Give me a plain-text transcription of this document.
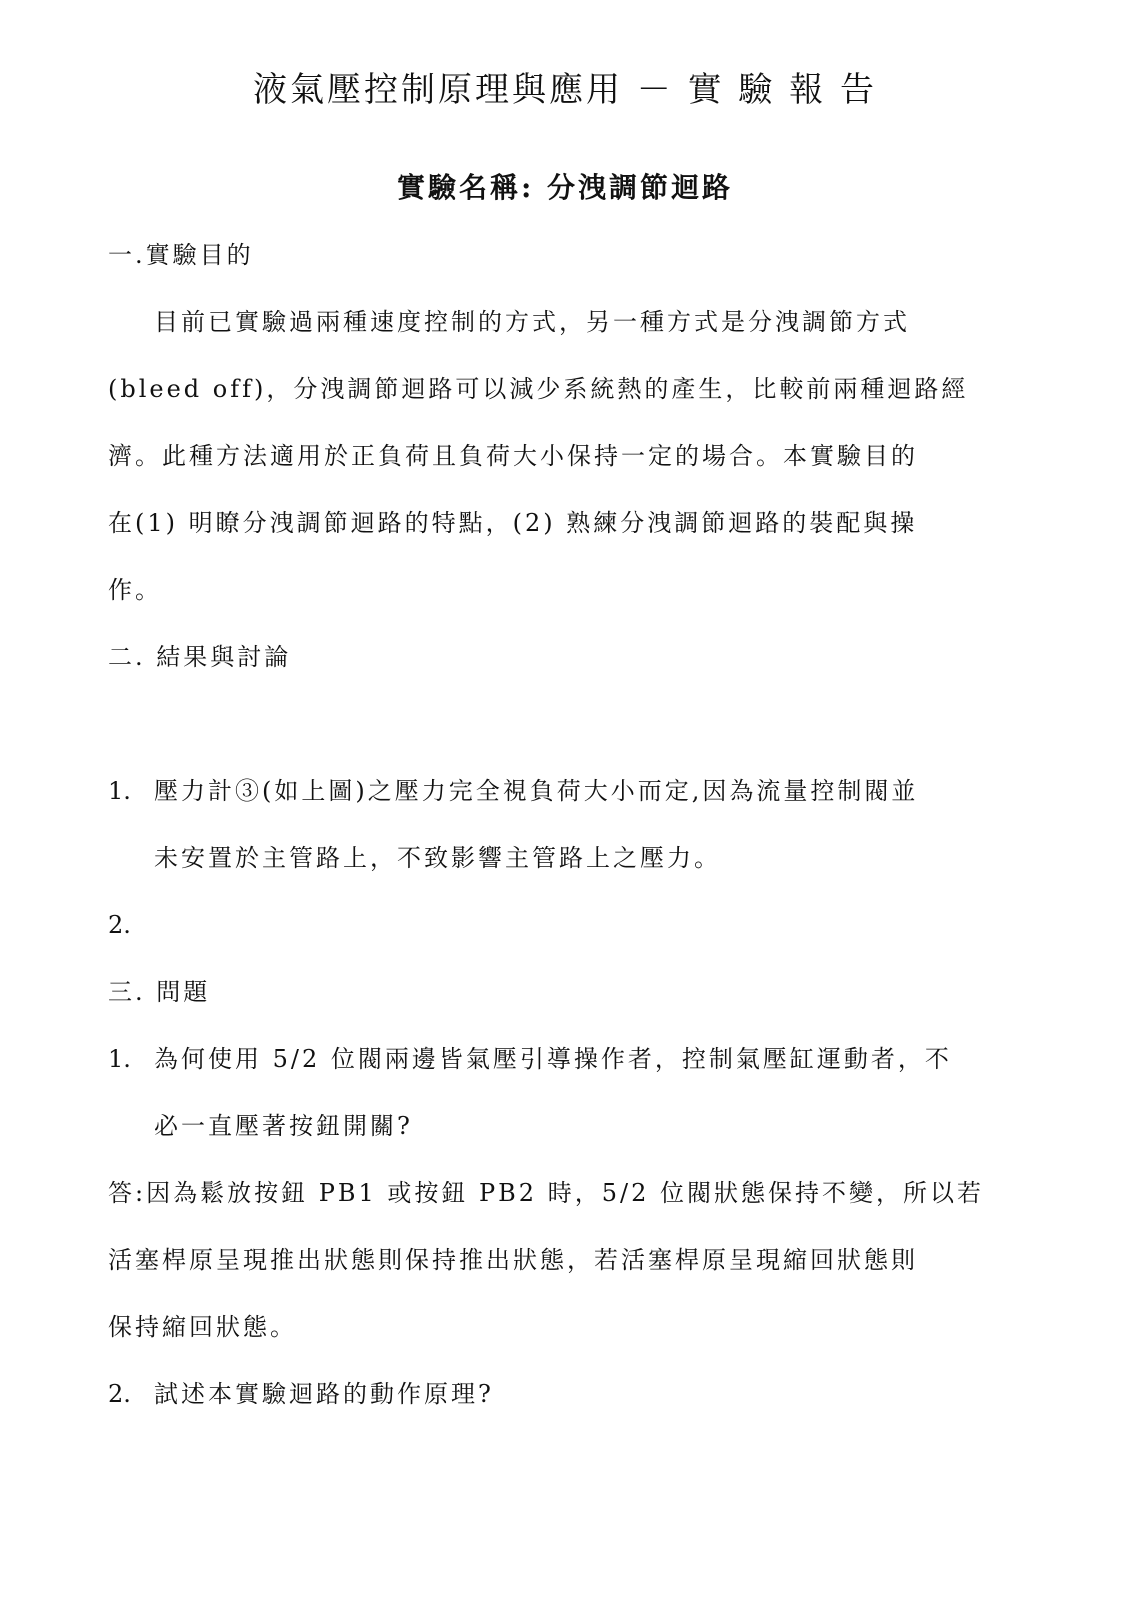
液氣壓控制原理與應用 － 實 驗 報 告
實驗名稱: 分洩調節迴路
一.實驗目的
目前已實驗過兩種速度控制的方式，另一種方式是分洩調節方式
(bleed off)，分洩調節迴路可以減少系統熱的產生，比較前兩種迴路經
濟。此種方法適用於正負荷且負荷大小保持一定的場合。本實驗目的
在(1) 明瞭分洩調節迴路的特點，(2) 熟練分洩調節迴路的裝配與操
作。
二. 結果與討論
1. 壓力計③(如上圖)之壓力完全視負荷大小而定,因為流量控制閥並
未安置於主管路上，不致影響主管路上之壓力。
2.
三. 問題
1. 為何使用 5/2 位閥兩邊皆氣壓引導操作者，控制氣壓缸運動者，不
必一直壓著按鈕開關?
答:因為鬆放按鈕 PB1 或按鈕 PB2 時，5/2 位閥狀態保持不變，所以若
活塞桿原呈現推出狀態則保持推出狀態，若活塞桿原呈現縮回狀態則
保持縮回狀態。
2. 試述本實驗迴路的動作原理?
